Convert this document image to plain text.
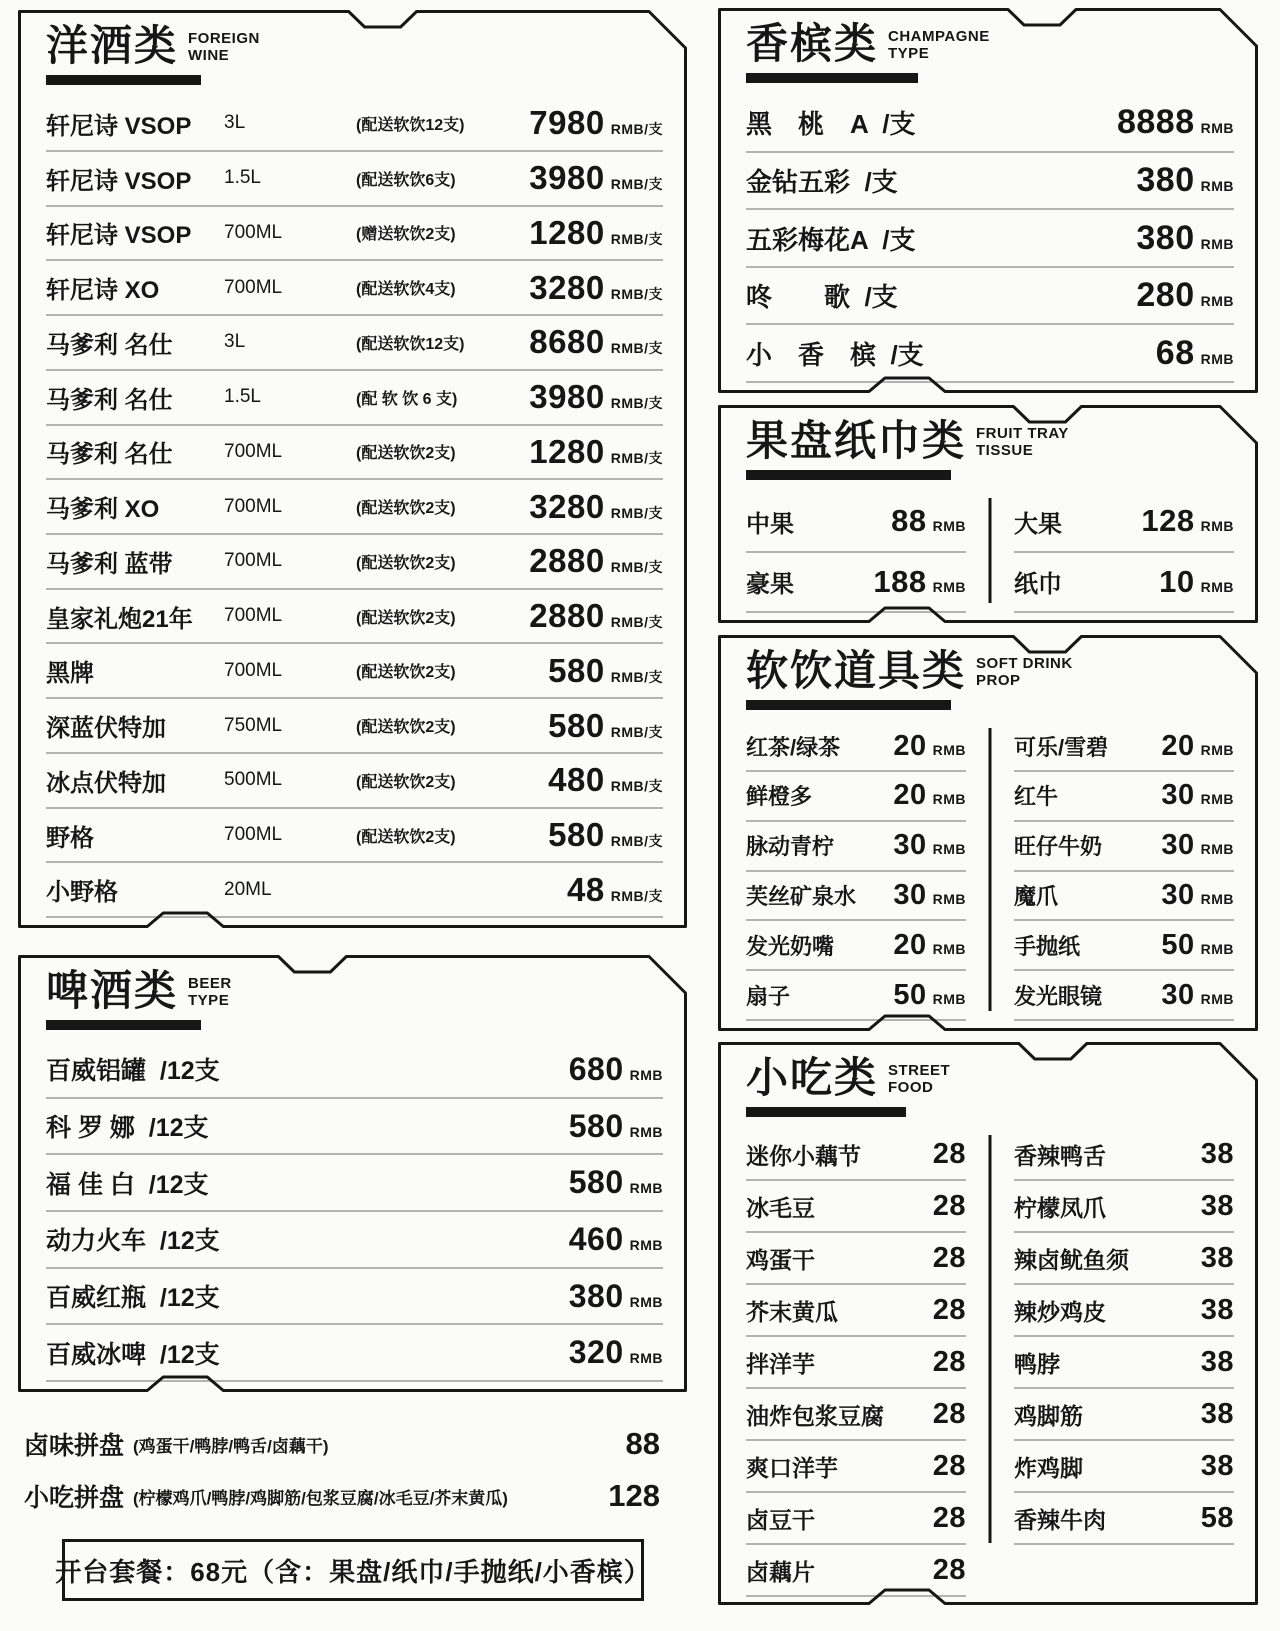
洋酒类 FOREIGN
WINE
轩尼诗 VSOP	3L	(配送软饮12支)	7980 RMB/支
轩尼诗 VSOP	1.5L	(配送软饮6支)	3980 RMB/支
轩尼诗 VSOP	700ML	(赠送软饮2支)	1280 RMB/支
轩尼诗 XO	700ML	(配送软饮4支)	3280 RMB/支
马爹利 名仕	3L	(配送软饮12支)	8680 RMB/支
马爹利 名仕	1.5L	(配 软 饮 6 支)	3980 RMB/支
马爹利 名仕	700ML	(配送软饮2支)	1280 RMB/支
马爹利 XO	700ML	(配送软饮2支)	3280 RMB/支
马爹利 蓝带	700ML	(配送软饮2支)	2880 RMB/支
皇家礼炮21年	700ML	(配送软饮2支)	2880 RMB/支
黑牌	700ML	(配送软饮2支)	580 RMB/支
深蓝伏特加	750ML	(配送软饮2支)	580 RMB/支
冰点伏特加	500ML	(配送软饮2支)	480 RMB/支
野格	700ML	(配送软饮2支)	580 RMB/支
小野格	20ML	48 RMB/支
啤酒类 BEER
TYPE
百威铝罐  /12支	680 RMB
科 罗 娜  /12支	580 RMB
福 佳 白  /12支	580 RMB
动力火车  /12支	460 RMB
百威红瓶  /12支	380 RMB
百威冰啤  /12支	320 RMB
卤味拼盘 (鸡蛋干/鸭脖/鸭舌/卤藕干)	88
小吃拼盘 (柠檬鸡爪/鸭脖/鸡脚筋/包浆豆腐/冰毛豆/芥末黄瓜)	128
开台套餐：68元（含：果盘/纸巾/手抛纸/小香槟）
香槟类 CHAMPAGNE
TYPE
黑　桃　A  /支	8888 RMB
金钻五彩  /支	380 RMB
五彩梅花A  /支	380 RMB
咚　　歌  /支	280 RMB
小　香　槟  /支	68 RMB
果盘纸巾类 FRUIT TRAY
TISSUE
中果	88 RMB
豪果	188 RMB
大果	128 RMB
纸巾	10 RMB
软饮道具类 SOFT DRINK
PROP
红茶/绿茶 20 RMB
鲜橙多	20 RMB
脉动青柠 30 RMB
芙丝矿泉水 30 RMB
发光奶嘴 20 RMB
扇子	50 RMB
可乐/雪碧 20 RMB
红牛	30 RMB
旺仔牛奶 30 RMB
魔爪	30 RMB
手抛纸	50 RMB
发光眼镜 30 RMB
小吃类 STREET
FOOD
迷你小藕节 28
冰毛豆	28
鸡蛋干	28
芥末黄瓜	28
拌洋芋	28
油炸包浆豆腐 28
爽口洋芋	28
卤豆干	28
卤藕片	28
香辣鸭舌	38
柠檬凤爪	38
辣卤鱿鱼须 38
辣炒鸡皮	38
鸭脖	38
鸡脚筋	38
炸鸡脚	38
香辣牛肉	58
